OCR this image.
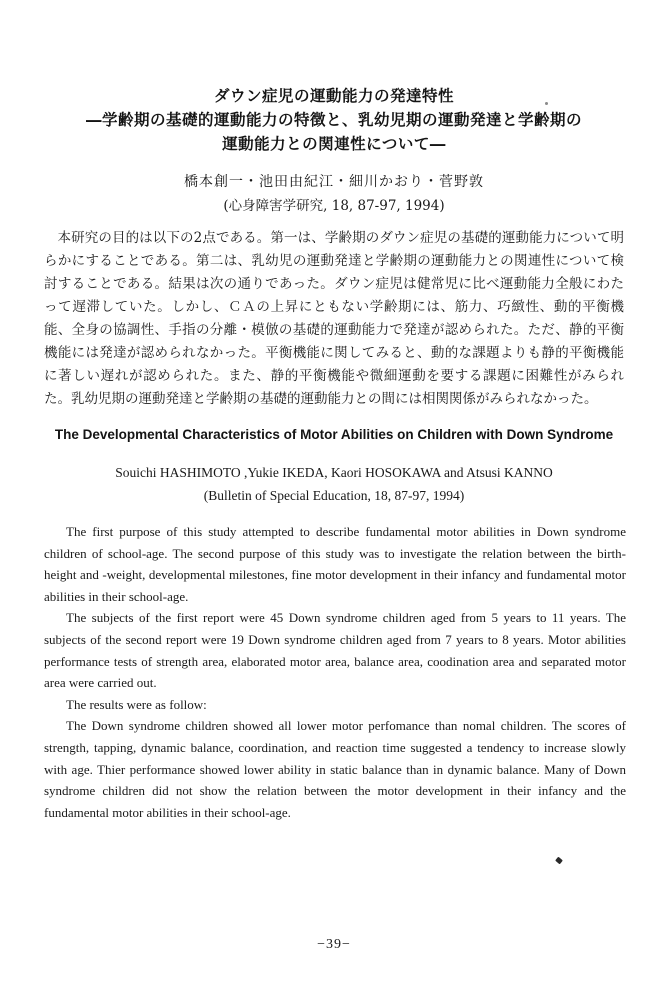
ダウン症児の運動能力の発達特性
―学齢期の基礎的運動能力の特徴と、乳幼児期の運動発達と学齢期の
運動能力との関連性について―
橋本創一・池田由紀江・細川かおり・菅野敦
(心身障害学研究, 18, 87-97, 1994)
本研究の目的は以下の2点である。第一は、学齢期のダウン症児の基礎的運動能力について明らかにすることである。第二は、乳幼児の運動発達と学齢期の運動能力との関連性について検討することである。結果は次の通りであった。ダウン症児は健常児に比べ運動能力全般にわたって遅滞していた。しかし、ＣＡの上昇にともない学齢期には、筋力、巧緻性、動的平衡機能、全身の協調性、手指の分離・模倣の基礎的運動能力で発達が認められた。ただ、静的平衡機能には発達が認められなかった。平衡機能に関してみると、動的な課題よりも静的平衡機能に著しい遅れが認められた。また、静的平衡機能や微細運動を要する課題に困難性がみられた。乳幼児期の運動発達と学齢期の基礎的運動能力との間には相関関係がみられなかった。
The Developmental Characteristics of Motor Abilities on Children with Down Syndrome
Souichi HASHIMOTO ,Yukie IKEDA, Kaori HOSOKAWA and Atsusi KANNO
(Bulletin of Special Education, 18, 87-97, 1994)

The first purpose of this study attempted to describe fundamental motor abilities in Down syndrome children of school-age. The second purpose of this study was to investigate the relation between the birth-height and -weight, developmental milestones, fine motor development in their infancy and fundamental motor abilities in their school-age.

The subjects of the first report were 45 Down syndrome children aged from 5 years to 11 years. The subjects of the second report were 19 Down syndrome children aged from 7 years to 8 years. Motor abilities performance tests of strength area, elaborated motor area, balance area, coodination area and separated motor area were carried out.

The results were as follow:

The Down syndrome children showed all lower motor perfomance than nomal children. The scores of strength, tapping, dynamic balance, coordination, and reaction time suggested a tendency to increase slowly with age. Thier performance showed lower ability in static balance than in dynamic balance. Many of Down syndrome children did not show the relation between the motor development in their infancy and the fundamental motor abilities in their school-age.

−39−
